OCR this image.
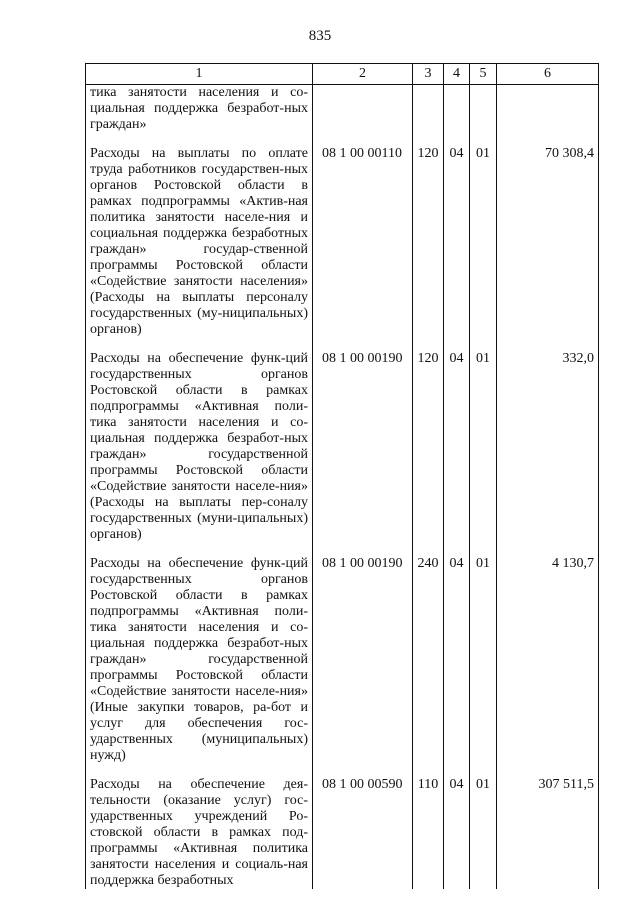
835
1	2	3	4	5	6
тика занятости населения и со-циальная поддержка безработ-ных граждан»					
Расходы на выплаты по оплате труда работников государствен-ных органов Ростовской области в рамках подпрограммы «Актив-ная политика занятости населе-ния и социальная поддержка безработных граждан» государ-ственной программы Ростовской области «Содействие занятости населения» (Расходы на выплаты персоналу государственных (му-ниципальных) органов)	08 1 00 00110	120	04	01	70 308,4
Расходы на обеспечение функ-ций государственных органов Ростовской области в рамках подпрограммы «Активная поли-тика занятости населения и со-циальная поддержка безработ-ных граждан» государственной программы Ростовской области «Содействие занятости населе-ния» (Расходы на выплаты пер-соналу государственных (муни-ципальных) органов)	08 1 00 00190	120	04	01	332,0
Расходы на обеспечение функ-ций государственных органов Ростовской области в рамках подпрограммы «Активная поли-тика занятости населения и со-циальная поддержка безработ-ных граждан» государственной программы Ростовской области «Содействие занятости населе-ния» (Иные закупки товаров, ра-бот и услуг для обеспечения гос-ударственных (муниципальных) нужд)	08 1 00 00190	240	04	01	4 130,7
Расходы на обеспечение дея-тельности (оказание услуг) гос-ударственных учреждений Ро-стовской области в рамках под-программы «Активная политика занятости населения и социаль-ная поддержка безработных	08 1 00 00590	110	04	01	307 511,5
